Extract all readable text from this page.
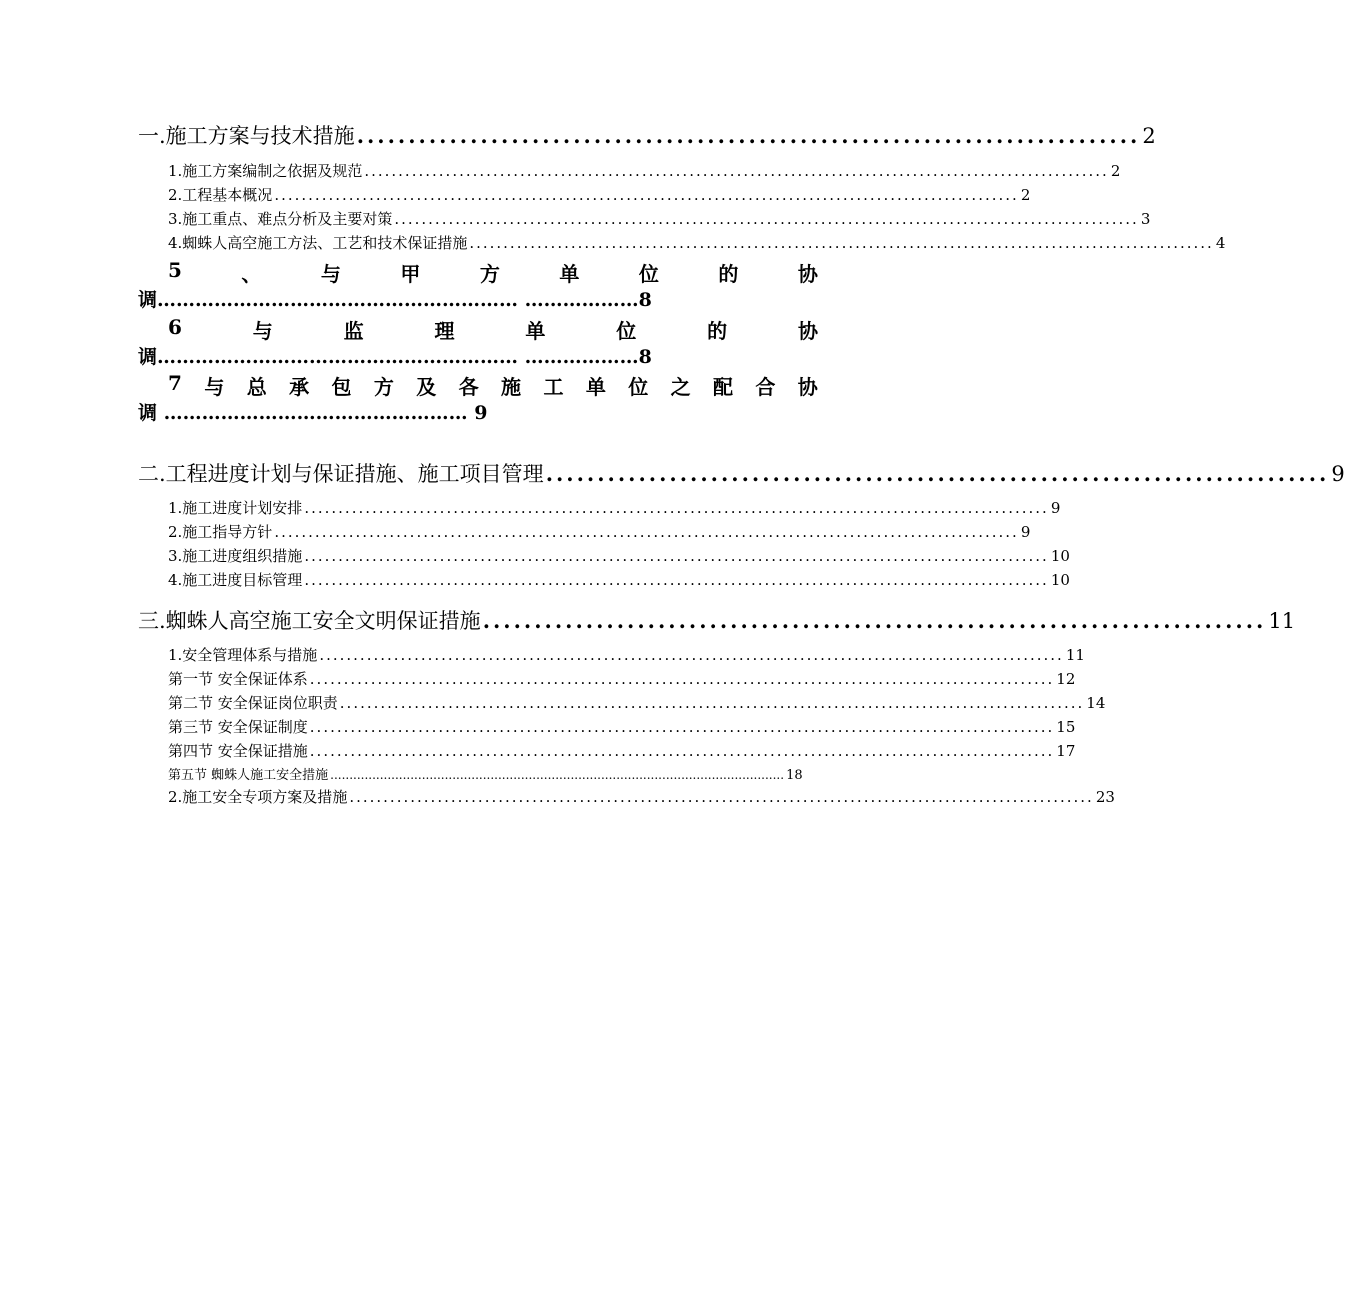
一.施工方案与技术措施 ............................................................................ 2
1.施工方案编制之依据及规范 .............................................................................................................. 2
2.工程基本概况 .............................................................................................................. 2
3.施工重点、难点分析及主要对策 .............................................................................................................. 3
4.蜘蛛人高空施工方法、工艺和技术保证措施 .............................................................................................................. 4
5	、	与	甲	方	单	位	的	协
调………………………………………………… ………………8
6	与	监	理	单	位	的	协
调………………………………………………… ………………8
7 与 总 承 包 方 及 各 施 工 单 位 之 配 合 协
调 ………………………………………… 9
二.工程进度计划与保证措施、施工项目管理 ............................................................................ 9
1.施工进度计划安排 .............................................................................................................. 9
2.施工指导方针 .............................................................................................................. 9
3.施工进度组织措施 .............................................................................................................. 10
4.施工进度目标管理 .............................................................................................................. 10
三.蜘蛛人高空施工安全文明保证措施 ............................................................................ 11
1.安全管理体系与措施 .............................................................................................................. 11
第一节 安全保证体系 .............................................................................................................. 12
第二节 安全保证岗位职责 .............................................................................................................. 14
第三节 安全保证制度 .............................................................................................................. 15
第四节 安全保证措施 .............................................................................................................. 17
第五节 蜘蛛人施工安全措施 ....................................................................................................................... 18
2.施工安全专项方案及措施 .............................................................................................................. 23
